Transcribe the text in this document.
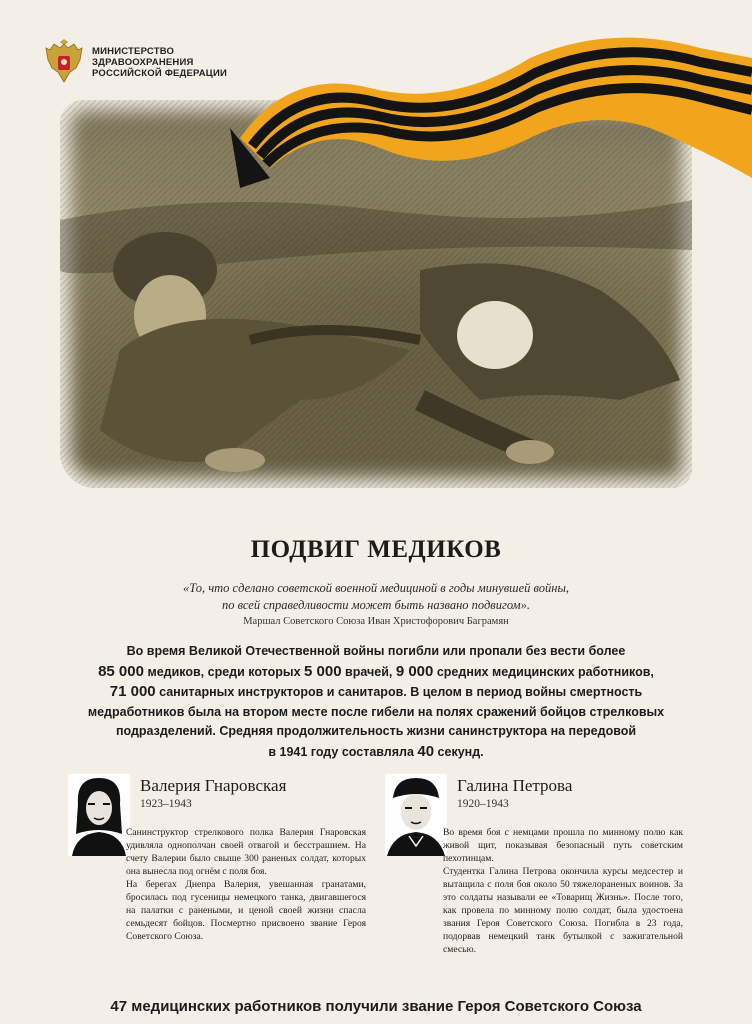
МИНИСТЕРСТВО
ЗДРАВООХРАНЕНИЯ
РОССИЙСКОЙ ФЕДЕРАЦИИ
ПОДВИГ МЕДИКОВ
«То, что сделано советской военной медициной в годы минувшей войны,
по всей справедливости может быть названо подвигом».
Маршал Советского Союза Иван Христофорович Баграмян
Во время Великой Отечественной войны погибли или пропали без вести более
85 000 медиков, среди которых 5 000 врачей, 9 000 средних медицинских работников,
71 000 санитарных инструкторов и санитаров. В целом в период войны смертность
медработников была на втором месте после гибели на полях сражений бойцов стрелковых
подразделений. Средняя продолжительность жизни санинструктора на передовой
в 1941 году составляла 40 секунд.
Валерия Гнаровская
1923–1943

Санинструктор стрелкового полка Валерия Гнаровская удивляла однополчан своей отвагой и бесстрашием. На счету Валерии было свыше 300 раненых солдат, которых она вынесла под огнём с поля боя.

На берегах Днепра Валерия, увешанная гранатами, бросилась под гусеницы немецкого танка, двигавшегося на палатки с ранеными, и ценой своей жизни спасла семьдесят бойцов. Посмертно присвоено звание Героя Советского Союза.

Галина Петрова
1920–1943

Во время боя с немцами прошла по минному полю как живой щит, показывая безопасный путь советским пехотинцам.

Студентка Галина Петрова окончила курсы медсестер и вытащила с поля боя около 50 тяжелораненых воинов. За это солдаты называли ее «Товарищ Жизнь». После того, как провела по минному полю солдат, была удостоена звания Героя Советского Союза. Погибла в 23 года, подорвав немецкий танк бутылкой с зажигательной смесью.

47 медицинских работников получили звание Героя Советского Союза
